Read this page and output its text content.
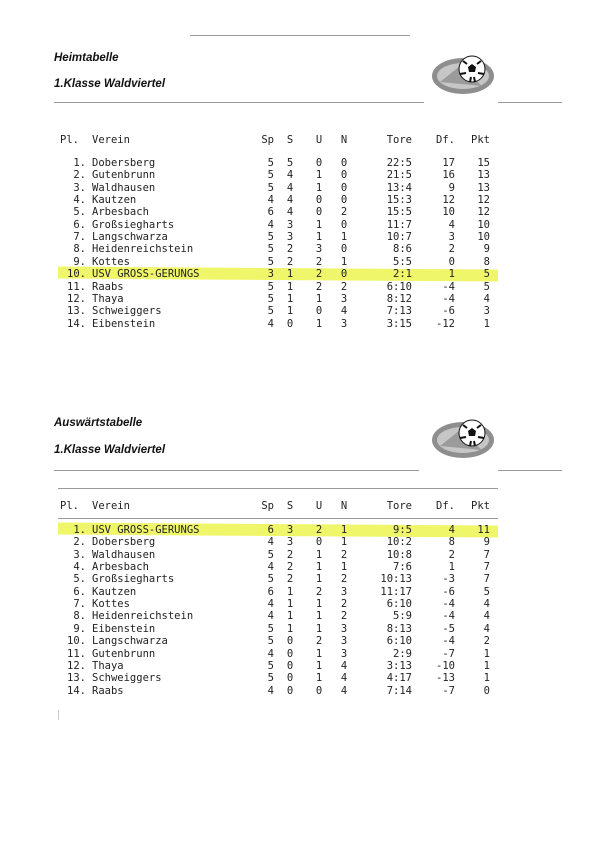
Heimtabelle
1.Klasse Waldviertel
Pl. Verein	Sp	S	U	N	Tore	Df.	Pkt
1. Dobersberg	5	5	0	0	22:5	17	15
2. Gutenbrunn	5	4	1	0	21:5	16	13
3. Waldhausen	5	4	1	0	13:4	9	13
4. Kautzen	4	4	0	0	15:3	12	12
5. Arbesbach	6	4	0	2	15:5	10	12
6. Großsiegharts	4	3	1	0	11:7	4	10
7. Langschwarza	5	3	1	1	10:7	3	10
8. Heidenreichstein	5	2	3	0	8:6	2	9
9. Kottes	5	2	2	1	5:5	0	8
10. USV GROSS-GERUNGS	3	1	2	0	2:1	1	5
11. Raabs	5	1	2	2	6:10	-4	5
12. Thaya	5	1	1	3	8:12	-4	4
13. Schweiggers	5	1	0	4	7:13	-6	3
14. Eibenstein	4	0	1	3	3:15	-12	1
Auswärtstabelle
1.Klasse Waldviertel
Pl. Verein	Sp	S	U	N	Tore	Df.	Pkt
1. USV GROSS-GERUNGS	6	3	2	1	9:5	4	11
2. Dobersberg	4	3	0	1	10:2	8	9
3. Waldhausen	5	2	1	2	10:8	2	7
4. Arbesbach	4	2	1	1	7:6	1	7
5. Großsiegharts	5	2	1	2	10:13	-3	7
6. Kautzen	6	1	2	3	11:17	-6	5
7. Kottes	4	1	1	2	6:10	-4	4
8. Heidenreichstein	4	1	1	2	5:9	-4	4
9. Eibenstein	5	1	1	3	8:13	-5	4
10. Langschwarza	5	0	2	3	6:10	-4	2
11. Gutenbrunn	4	0	1	3	2:9	-7	1
12. Thaya	5	0	1	4	3:13	-10	1
13. Schweiggers	5	0	1	4	4:17	-13	1
14. Raabs	4	0	0	4	7:14	-7	0
